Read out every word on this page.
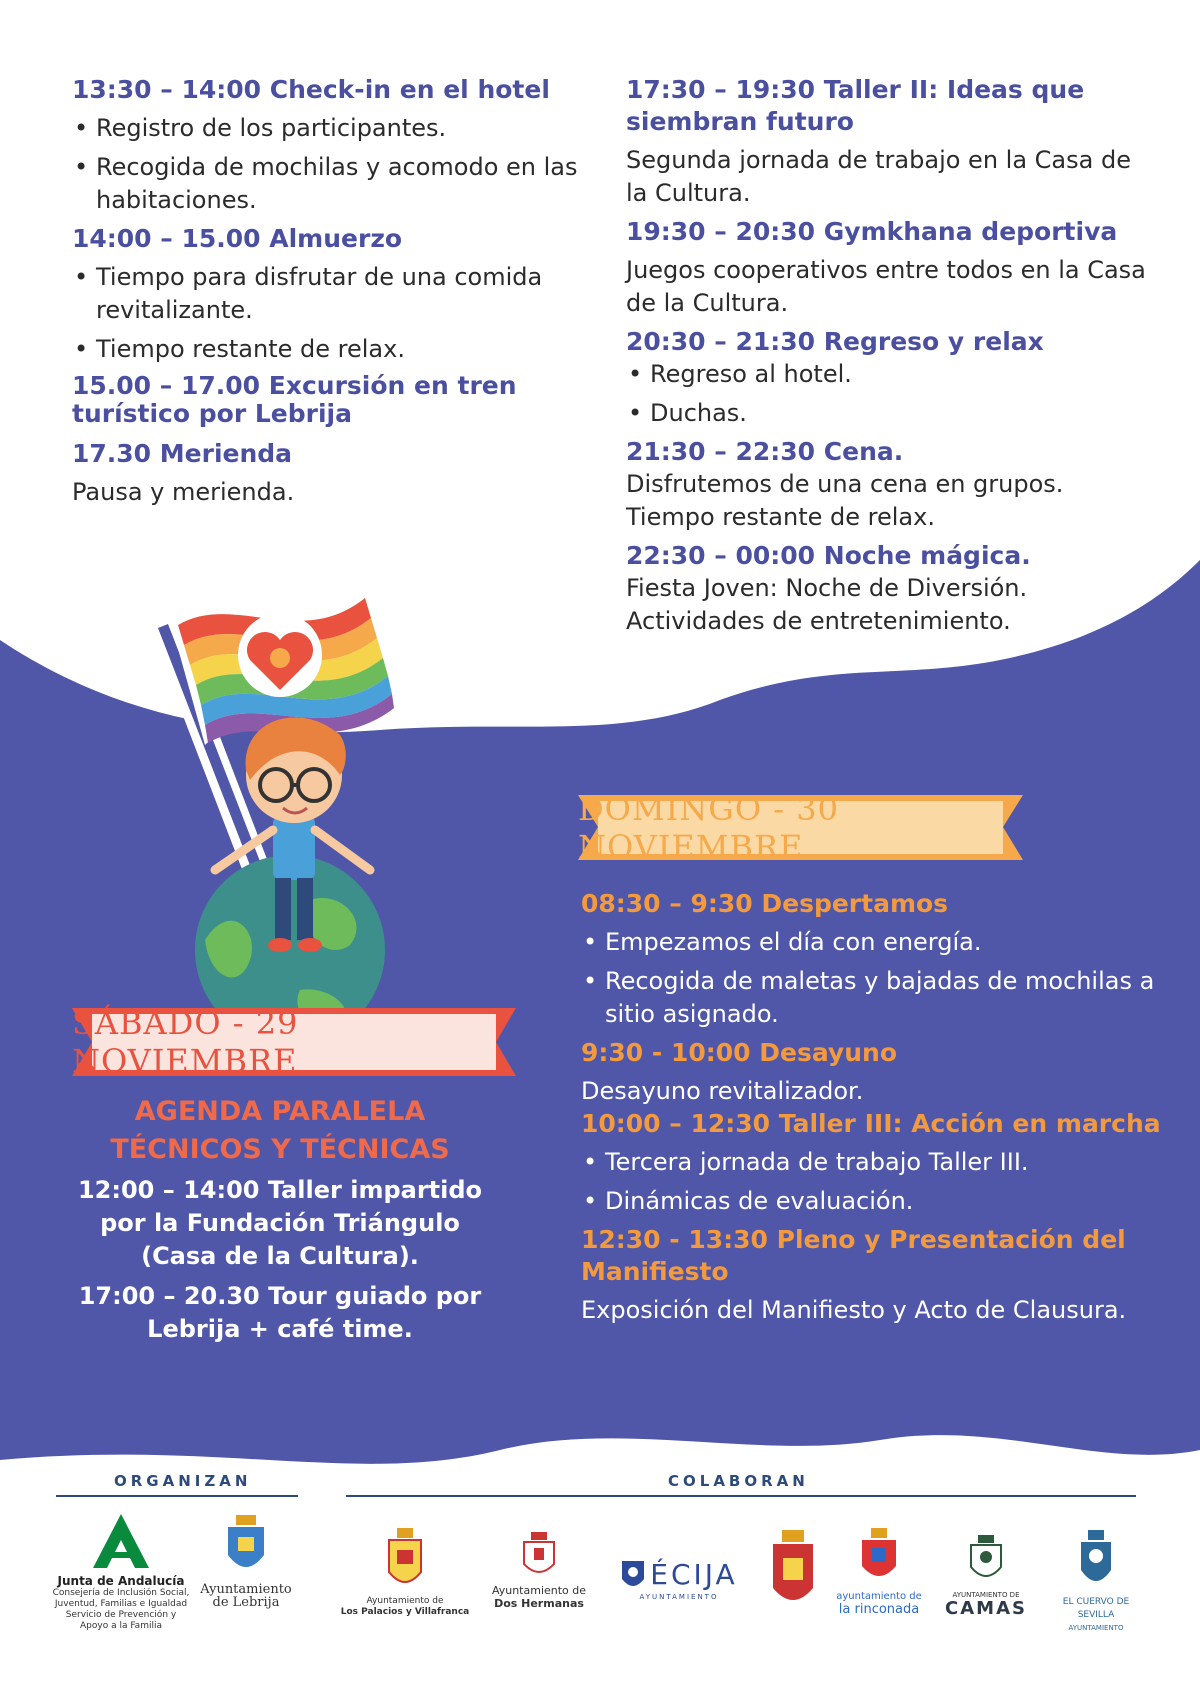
13:30 – 14:00 Check-in en el hotel

• Registro de los participantes.
• Recogida de mochilas y acomodo en las habitaciones.

14:00 – 15.00 Almuerzo

• Tiempo para disfrutar de una comida revitalizante.
• Tiempo restante de relax.

15.00 – 17.00 Excursión en tren turístico por Lebrija

17.30 Merienda

Pausa y merienda.

17:30 – 19:30 Taller II: Ideas que siembran futuro

Segunda jornada de trabajo en la Casa de la Cultura.

19:30 – 20:30 Gymkhana deportiva

Juegos cooperativos entre todos en la Casa de la Cultura.

20:30 – 21:30 Regreso y relax

• Regreso al hotel.
• Duchas.

21:30 – 22:30 Cena.

Disfrutemos de una cena en grupos.

Tiempo restante de relax.

22:30 – 00:00 Noche mágica.

Fiesta Joven: Noche de Diversión.

Actividades de entretenimiento.

DOMINGO - 30 NOVIEMBRE
SÁBADO - 29 NOVIEMBRE

08:30 – 9:30 Despertamos

• Empezamos el día con energía.
• Recogida de maletas y bajadas de mochilas a sitio asignado.

9:30 - 10:00 Desayuno

Desayuno revitalizador.

10:00 – 12:30 Taller III: Acción en marcha

• Tercera jornada de trabajo Taller III.
• Dinámicas de evaluación.

12:30 - 13:30 Pleno y Presentación del Manifiesto

Exposición del Manifiesto y Acto de Clausura.

AGENDA PARALELA
TÉCNICOS Y TÉCNICAS

12:00 – 14:00 Taller impartido por la Fundación Triángulo (Casa de la Cultura).

17:00 – 20.30 Tour guiado por Lebrija + café time.

ORGANIZAN	COLABORAN
Junta de Andalucía
Consejería de Inclusión Social, Juventud, Familias e Igualdad
Servicio de Prevención y Apoyo a la Familia
Ayuntamiento
de Lebrija	Ayuntamiento de
Los Palacios y Villafranca
Ayuntamiento de
Dos Hermanas
ÉCIJA
AYUNTAMIENTO	ayuntamiento de
la rinconada
AYUNTAMIENTO DE
CAMAS	EL CUERVO DE SEVILLA
AYUNTAMIENTO
